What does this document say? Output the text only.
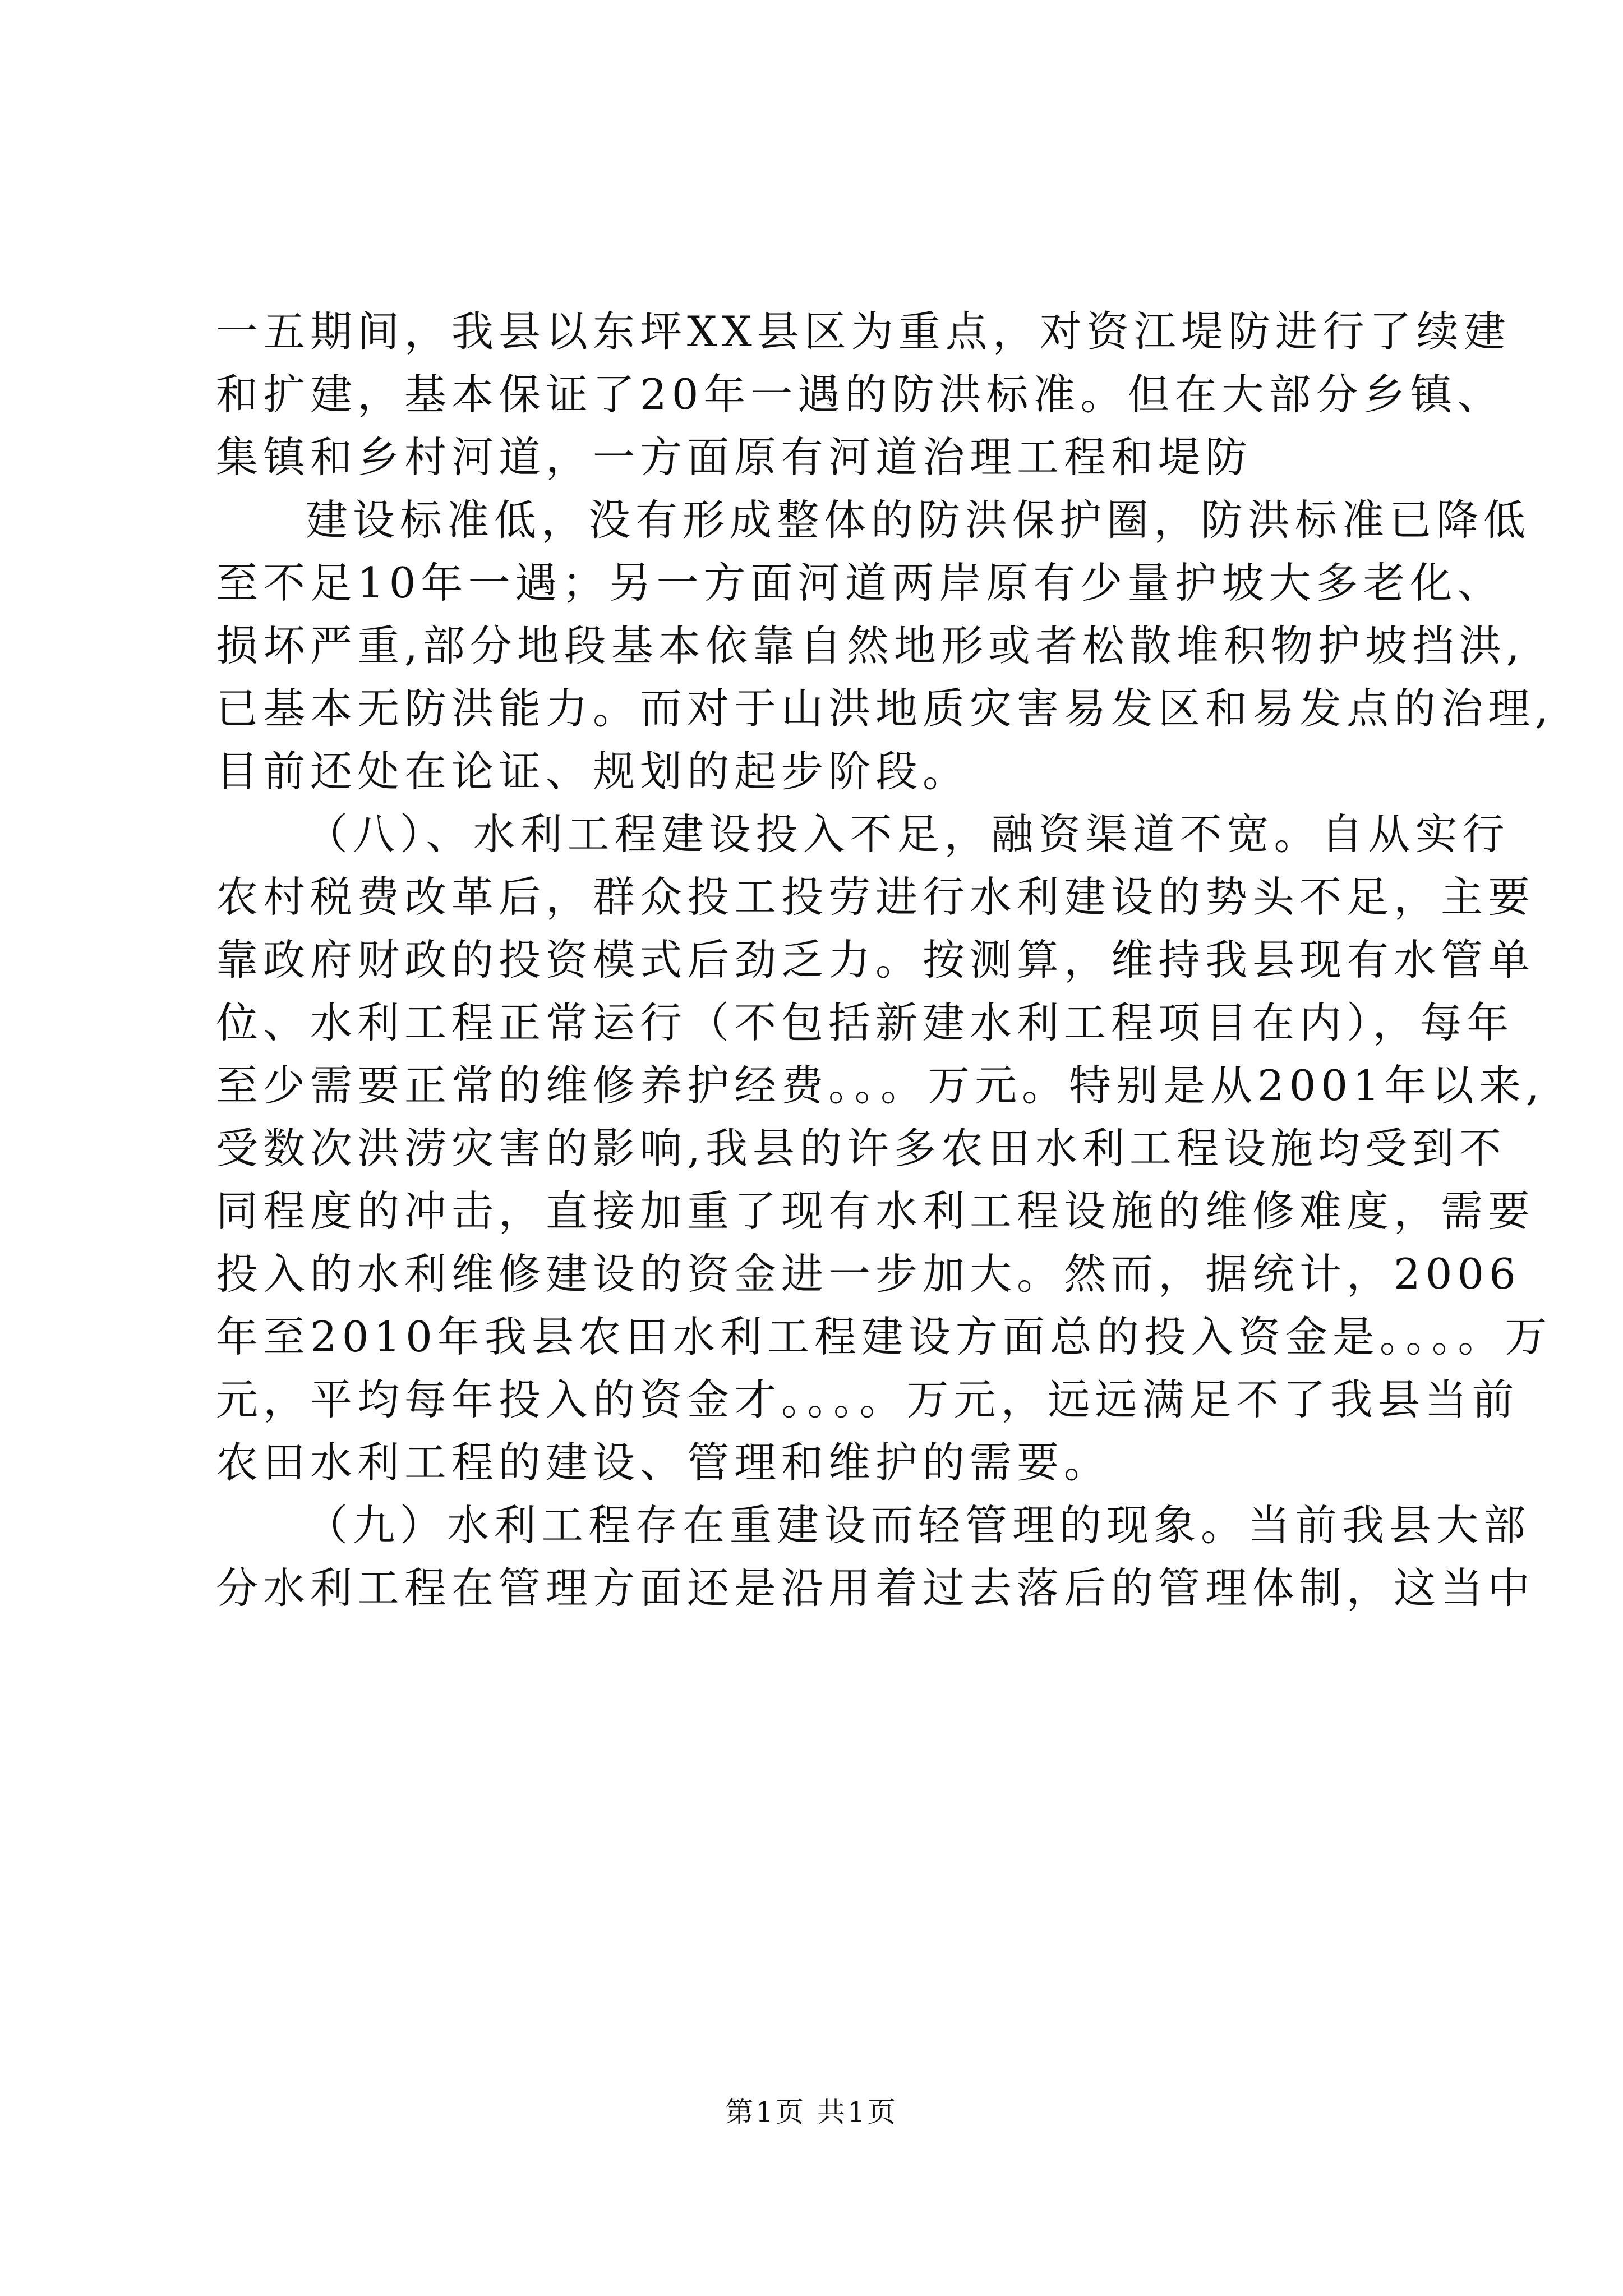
一五期间，我县以东坪XX县区为重点，对资江堤防进行了续建
和扩建，基本保证了20年一遇的防洪标准。但在大部分乡镇、
集镇和乡村河道，一方面原有河道治理工程和堤防
建设标准低，没有形成整体的防洪保护圈，防洪标准已降低
至不足10年一遇；另一方面河道两岸原有少量护坡大多老化、
损坏严重,部分地段基本依靠自然地形或者松散堆积物护坡挡洪,
已基本无防洪能力。而对于山洪地质灾害易发区和易发点的治理,
目前还处在论证、规划的起步阶段。
（八）、水利工程建设投入不足，融资渠道不宽。自从实行
农村税费改革后，群众投工投劳进行水利建设的势头不足，主要
靠政府财政的投资模式后劲乏力。按测算，维持我县现有水管单
位、水利工程正常运行（不包括新建水利工程项目在内），每年
至少需要正常的维修养护经费。。。万元。特别是从2001年以来,
受数次洪涝灾害的影响,我县的许多农田水利工程设施均受到不
同程度的冲击，直接加重了现有水利工程设施的维修难度，需要
投入的水利维修建设的资金进一步加大。然而，据统计，2006
年至2010年我县农田水利工程建设方面总的投入资金是。。。。万
元，平均每年投入的资金才。。。。万元，远远满足不了我县当前
农田水利工程的建设、管理和维护的需要。
（九）水利工程存在重建设而轻管理的现象。当前我县大部
分水利工程在管理方面还是沿用着过去落后的管理体制，这当中
第1页 共1页
